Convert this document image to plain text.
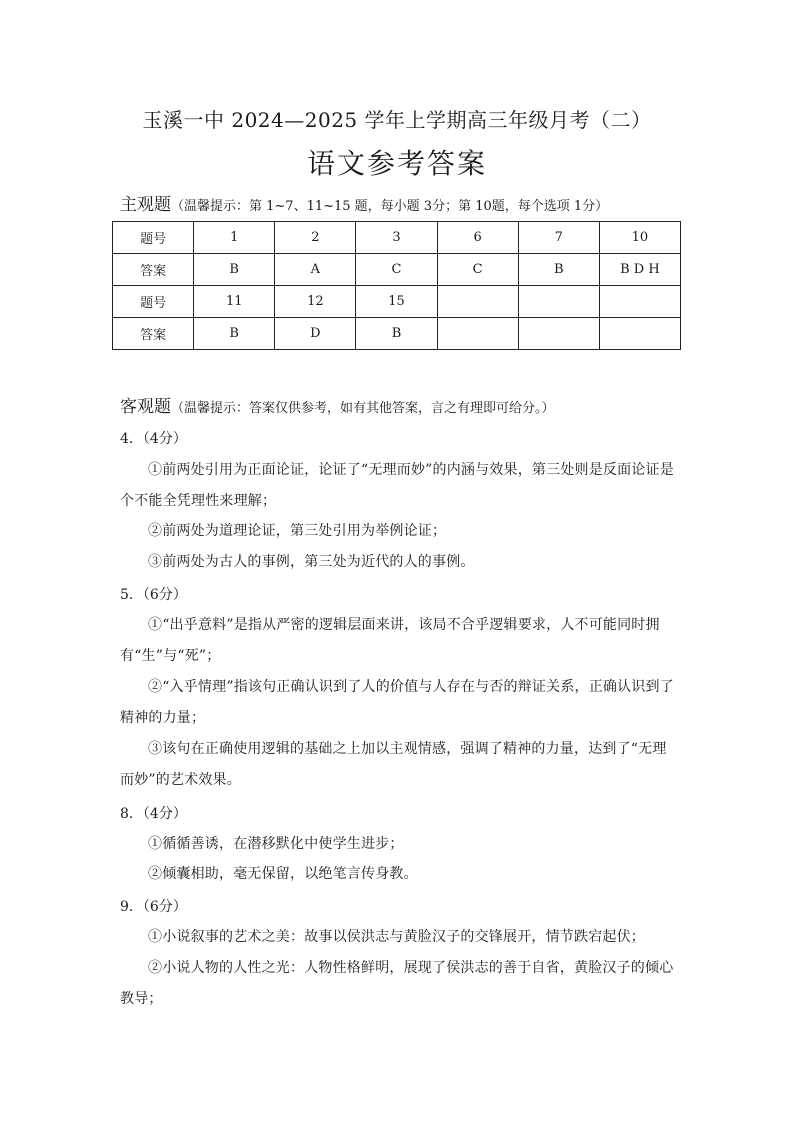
玉溪一中 2024—2025 学年上学期高三年级月考（二）
语文参考答案
主观题（温馨提示：第 1~7、11~15 题，每小题 3分；第 10题，每个选项 1分）
题号	1	2	3	6	7	10
答案	B	A	C	C	B	B D H
题号	11	12	15			
答案	B	D	B			
客观题（温馨提示：答案仅供参考，如有其他答案，言之有理即可给分。）
4．（4分）
①前两处引用为正面论证，论证了“无理而妙”的内涵与效果，第三处则是反面论证是个不能全凭理性来理解；
②前两处为道理论证，第三处引用为举例论证；
③前两处为古人的事例，第三处为近代的人的事例。
5．（6分）
①“出乎意料”是指从严密的逻辑层面来讲，该局不合乎逻辑要求，人不可能同时拥有“生”与“死”；
②“入乎情理”指该句正确认识到了人的价值与人存在与否的辩证关系，正确认识到了精神的力量；
③该句在正确使用逻辑的基础之上加以主观情感，强调了精神的力量，达到了“无理而妙”的艺术效果。
8．（4分）
①循循善诱，在潜移默化中使学生进步；
②倾囊相助，毫无保留，以绝笔言传身教。
9．（6分）
①小说叙事的艺术之美：故事以侯洪志与黄脸汉子的交锋展开，情节跌宕起伏；
②小说人物的人性之光：人物性格鲜明，展现了侯洪志的善于自省，黄脸汉子的倾心教导；
